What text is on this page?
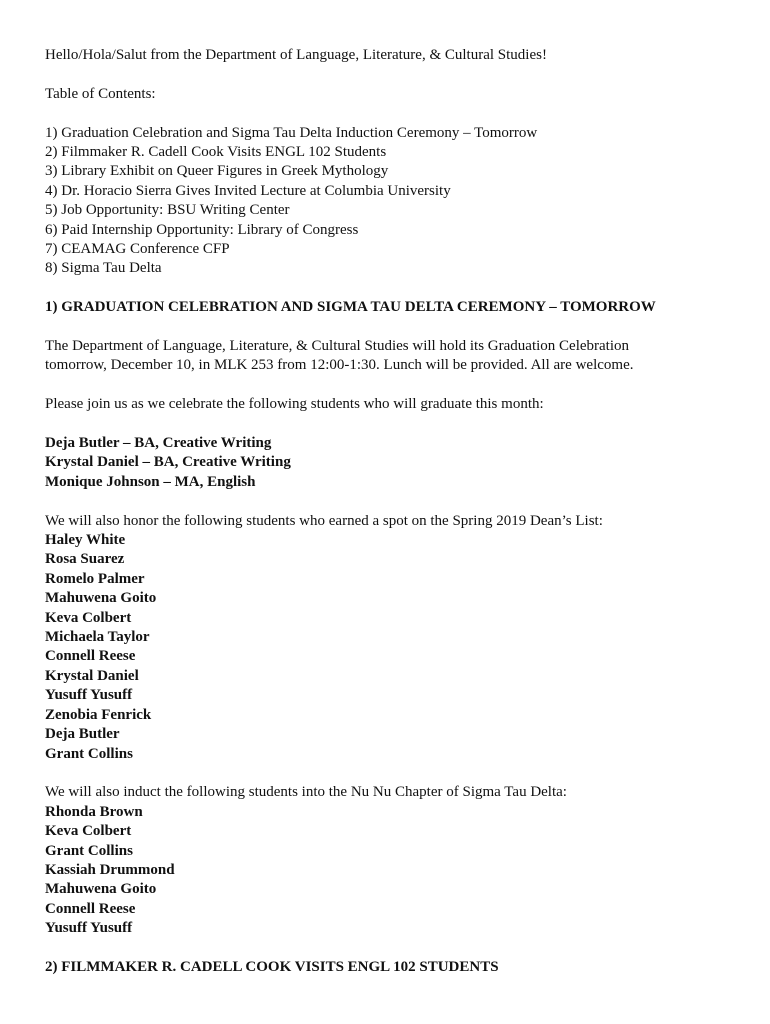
Hello/Hola/Salut from the Department of Language, Literature, & Cultural Studies!

Table of Contents:

1) Graduation Celebration and Sigma Tau Delta Induction Ceremony – Tomorrow
2) Filmmaker R. Cadell Cook Visits ENGL 102 Students
3) Library Exhibit on Queer Figures in Greek Mythology
4) Dr. Horacio Sierra Gives Invited Lecture at Columbia University
5) Job Opportunity: BSU Writing Center
6) Paid Internship Opportunity: Library of Congress
7) CEAMAG Conference CFP
8) Sigma Tau Delta

1) GRADUATION CELEBRATION AND SIGMA TAU DELTA CEREMONY – TOMORROW

The Department of Language, Literature, & Cultural Studies will hold its Graduation Celebration

tomorrow, December 10, in MLK 253 from 12:00-1:30. Lunch will be provided. All are welcome.

Please join us as we celebrate the following students who will graduate this month:

Deja Butler – BA, Creative Writing
Krystal Daniel – BA, Creative Writing
Monique Johnson – MA, English

We will also honor the following students who earned a spot on the Spring 2019 Dean’s List:

Haley White
Rosa Suarez
Romelo Palmer
Mahuwena Goito
Keva Colbert
Michaela Taylor
Connell Reese
Krystal Daniel
Yusuff Yusuff
Zenobia Fenrick
Deja Butler
Grant Collins

We will also induct the following students into the Nu Nu Chapter of Sigma Tau Delta:

Rhonda Brown
Keva Colbert
Grant Collins
Kassiah Drummond
Mahuwena Goito
Connell Reese
Yusuff Yusuff

2) FILMMAKER R. CADELL COOK VISITS ENGL 102 STUDENTS
